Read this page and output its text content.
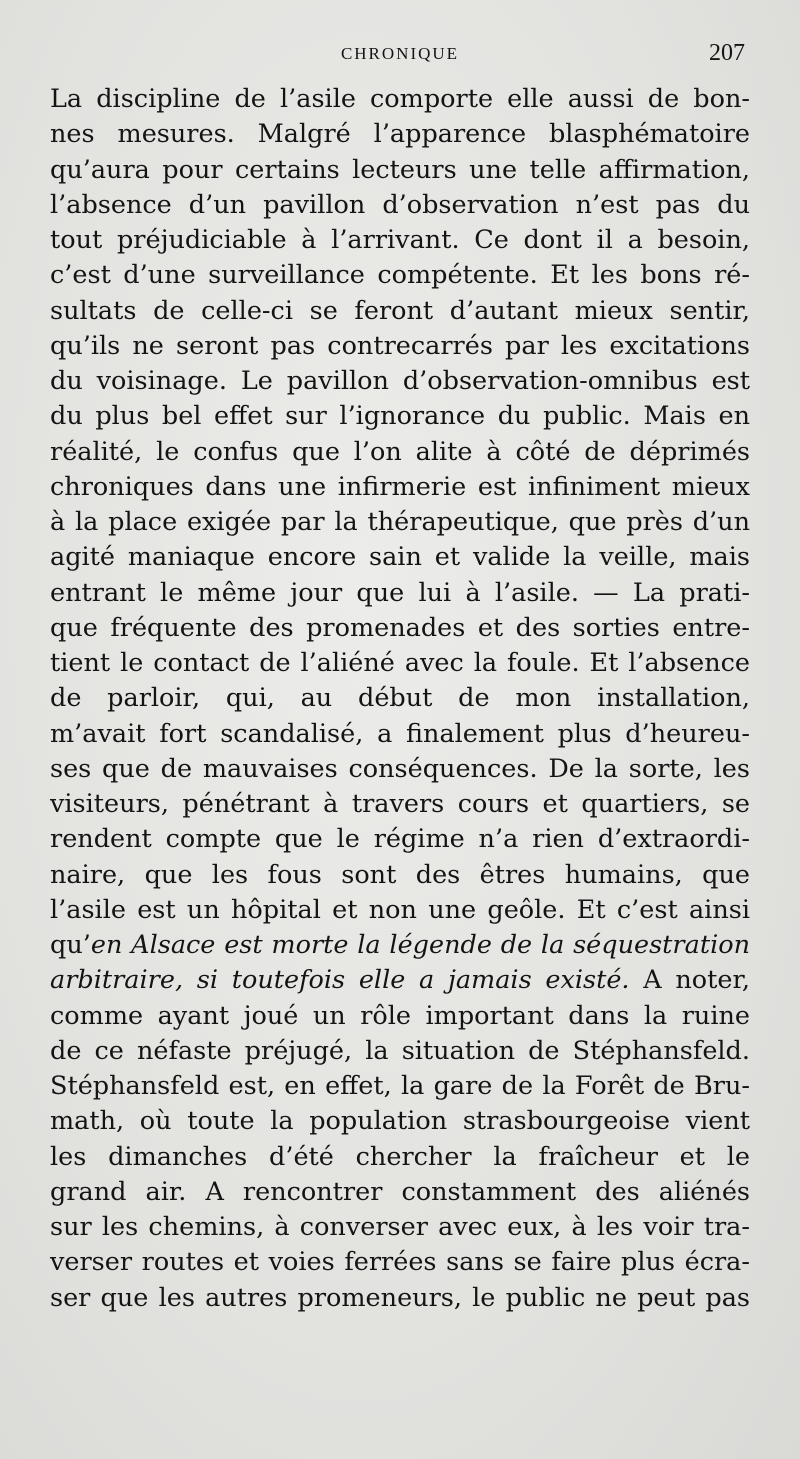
CHRONIQUE	207
La discipline de l’asile comporte elle aussi de bon-
nes mesures. Malgré l’apparence blasphématoire
qu’aura pour certains lecteurs une telle affirmation,
l’absence d’un pavillon d’observation n’est pas du
tout préjudiciable à l’arrivant. Ce dont il a besoin,
c’est d’une surveillance compétente. Et les bons ré-
sultats de celle-ci se feront d’autant mieux sentir,
qu’ils ne seront pas contrecarrés par les excitations
du voisinage. Le pavillon d’observation-omnibus est
du plus bel effet sur l’ignorance du public. Mais en
réalité, le confus que l’on alite à côté de déprimés
chroniques dans une infirmerie est infiniment mieux
à la place exigée par la thérapeutique, que près d’un
agité maniaque encore sain et valide la veille, mais
entrant le même jour que lui à l’asile. — La prati-
que fréquente des promenades et des sorties entre-
tient le contact de l’aliéné avec la foule. Et l’absence
de parloir, qui, au début de mon installation,
m’avait fort scandalisé, a finalement plus d’heureu-
ses que de mauvaises conséquences. De la sorte, les
visiteurs, pénétrant à travers cours et quartiers, se
rendent compte que le régime n’a rien d’extraordi-
naire, que les fous sont des êtres humains, que
l’asile est un hôpital et non une geôle. Et c’est ainsi
qu’en Alsace est morte la légende de la séquestration
arbitraire, si toutefois elle a jamais existé. A noter,
comme ayant joué un rôle important dans la ruine
de ce néfaste préjugé, la situation de Stéphansfeld.
Stéphansfeld est, en effet, la gare de la Forêt de Bru-
math, où toute la population strasbourgeoise vient
les dimanches d’été chercher la fraîcheur et le
grand air. A rencontrer constamment des aliénés
sur les chemins, à converser avec eux, à les voir tra-
verser routes et voies ferrées sans se faire plus écra-
ser que les autres promeneurs, le public ne peut pas
